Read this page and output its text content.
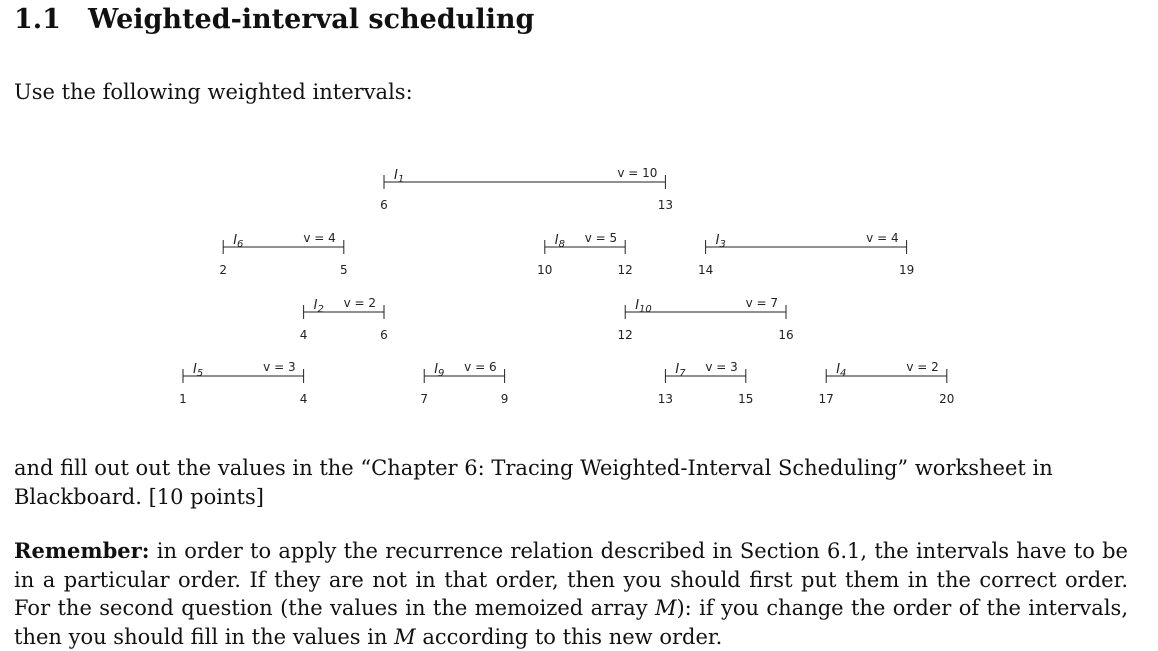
1.1 Weighted-interval scheduling

Use the following weighted intervals:

$I_1$	v = 10
6	13
$I_6$	v = 4
2	5
$I_8$ v = 5
10	12
$I_3$	v = 4
14	19
$I_2$ v = 2
4	6
$I_{10}$	v = 7
12	16
$I_5$	v = 3
1	4
$I_9$ v = 6
7	9
$I_7$ v = 3
13	15
$I_4$	v = 2
17	20

and fill out out the values in the “Chapter 6: Tracing Weighted-Interval Scheduling” worksheet in Blackboard. [10 points]

Remember: in order to apply the recurrence relation described in Section 6.1, the intervals have to be in a particular order. If they are not in that order, then you should first put them in the correct order. For the second question (the values in the memoized array M): if you change the order of the intervals, then you should fill in the values in M according to this new order.
